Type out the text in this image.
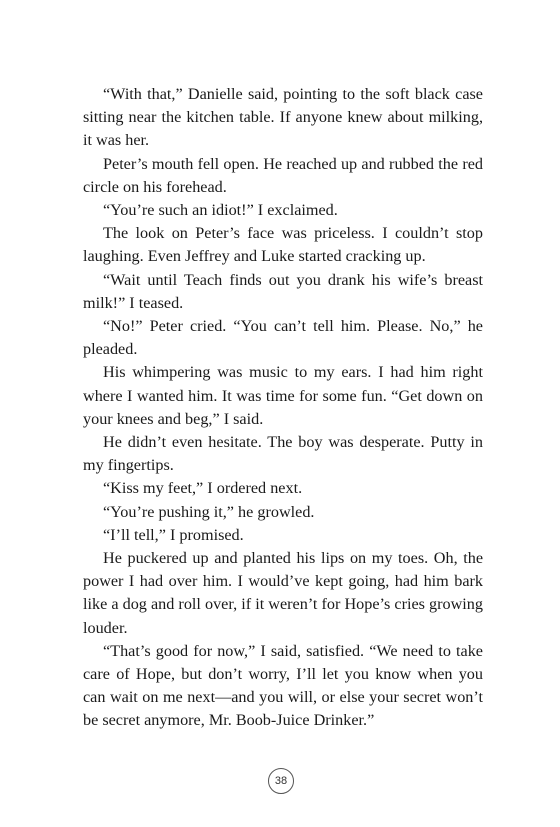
“With that,” Danielle said, pointing to the soft black case sitting near the kitchen table. If anyone knew about milking, it was her.

Peter’s mouth fell open. He reached up and rubbed the red circle on his forehead.

“You’re such an idiot!” I exclaimed.

The look on Peter’s face was priceless. I couldn’t stop laughing. Even Jeffrey and Luke started cracking up.

“Wait until Teach finds out you drank his wife’s breast milk!” I teased.

“No!” Peter cried. “You can’t tell him. Please. No,” he pleaded.

His whimpering was music to my ears. I had him right where I wanted him. It was time for some fun. “Get down on your knees and beg,” I said.

He didn’t even hesitate. The boy was desperate. Putty in my fingertips.

“Kiss my feet,” I ordered next.

“You’re pushing it,” he growled.

“I’ll tell,” I promised.

He puckered up and planted his lips on my toes. Oh, the power I had over him. I would’ve kept going, had him bark like a dog and roll over, if it weren’t for Hope’s cries growing louder.

“That’s good for now,” I said, satisfied. “We need to take care of Hope, but don’t worry, I’ll let you know when you can wait on me next—and you will, or else your secret won’t be secret anymore, Mr. Boob-Juice Drinker.”

38
